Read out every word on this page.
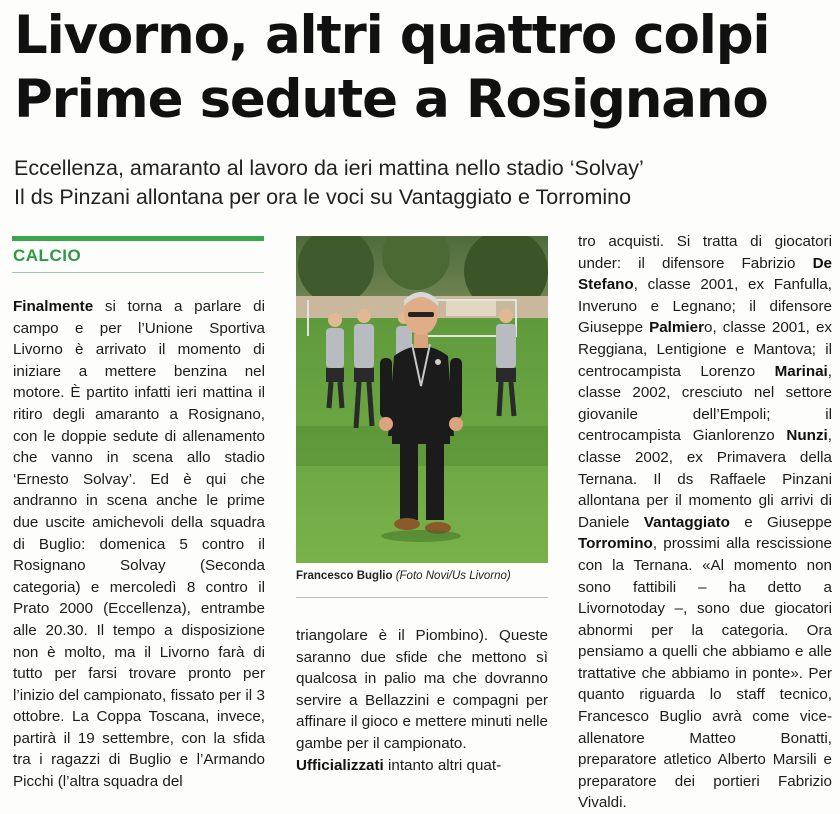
Livorno, altri quattro colpi
Prime sedute a Rosignano
Eccellenza, amaranto al lavoro da ieri mattina nello stadio ‘Solvay’
Il ds Pinzani allontana per ora le voci su Vantaggiato e Torromino
CALCIO

Finalmente si torna a parlare di campo e per l’Unione Sportiva Livorno è arrivato il momento di iniziare a mettere benzina nel motore. È partito infatti ieri mattina il ritiro degli amaranto a Rosignano, con le doppie sedute di allenamento che vanno in scena allo stadio ‘Ernesto Solvay’. Ed è qui che andranno in scena anche le prime due uscite amichevoli della squadra di Buglio: domenica 5 contro il Rosignano Solvay (Seconda categoria) e mercoledì 8 contro il Prato 2000 (Eccellenza), entrambe alle 20.30. Il tempo a disposizione non è molto, ma il Livorno farà di tutto per farsi trovare pronto per l’inizio del campionato, fissato per il 3 ottobre. La Coppa Toscana, invece, partirà il 19 settembre, con la sfida tra i ragazzi di Buglio e l’Armando Picchi (l’altra squadra del

Francesco Buglio (Foto Novi/Us Livorno)

triangolare è il Piombino). Queste saranno due sfide che mettono sì qualcosa in palio ma che dovranno servire a Bellazzini e compagni per affinare il gioco e mettere minuti nelle gambe per il campionato.

Ufficializzati intanto altri quat-

tro acquisti. Si tratta di giocatori under: il difensore Fabrizio De Stefano, classe 2001, ex Fanfulla, Inveruno e Legnano; il difensore Giuseppe Palmiero, classe 2001, ex Reggiana, Lentigione e Mantova; il centrocampista Lorenzo Marinai, classe 2002, cresciuto nel settore giovanile dell’Empoli; il centrocampista Gianlorenzo Nunzi, classe 2002, ex Primavera della Ternana. Il ds Raffaele Pinzani allontana per il momento gli arrivi di Daniele Vantaggiato e Giuseppe Torromino, prossimi alla rescissione con la Ternana. «Al momento non sono fattibili – ha detto a Livornotoday –, sono due giocatori abnormi per la categoria. Ora pensiamo a quelli che abbiamo e alle trattative che abbiamo in ponte». Per quanto riguarda lo staff tecnico, Francesco Buglio avrà come vice-allenatore Matteo Bonatti, preparatore atletico Alberto Marsili e preparatore dei portieri Fabrizio Vivaldi.
